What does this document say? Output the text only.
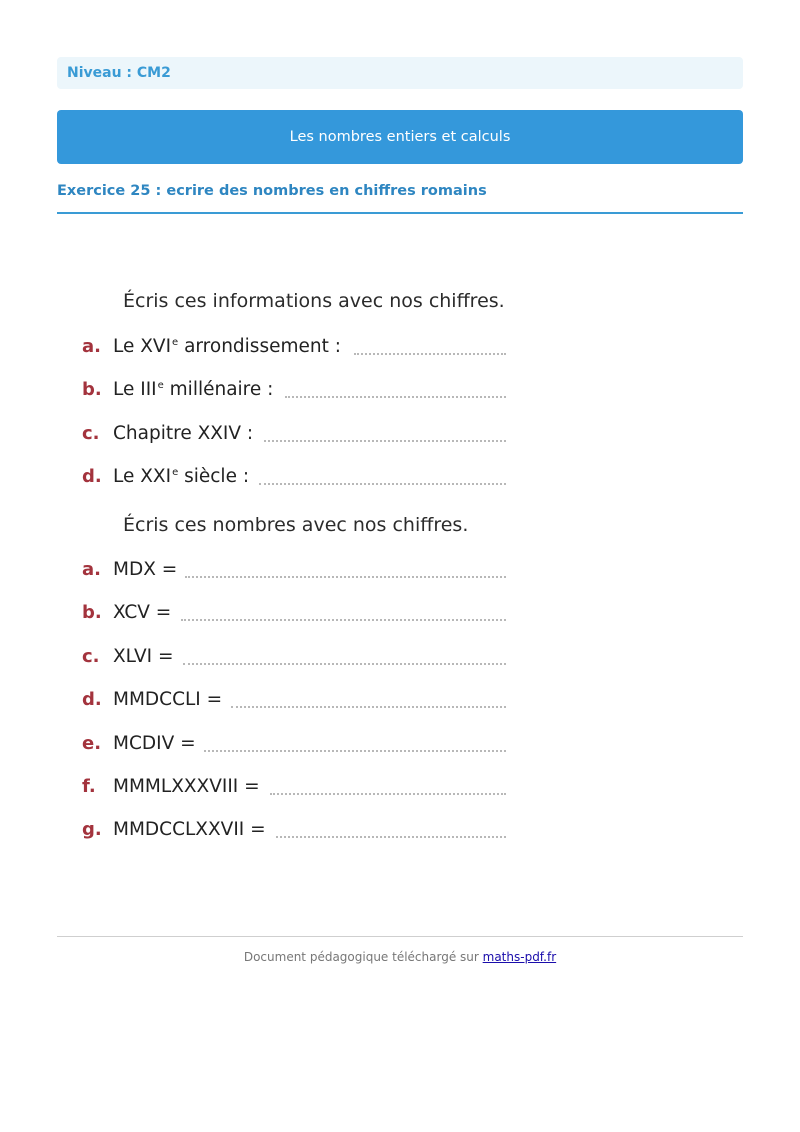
Niveau : CM2
Les nombres entiers et calculs
Exercice 25 : ecrire des nombres en chiffres romains
Écris ces informations avec nos chiffres.
a. Le XVIe arrondissement :
b. Le IIIe millénaire :
c. Chapitre XXIV :
d. Le XXIe siècle :
Écris ces nombres avec nos chiffres.
a. MDX =
b. XCV =
c. XLVI =
d. MMDCCLI =
e. MCDIV =
f. MMMLXXXVIII =
g. MMDCCLXXVII =
Document pédagogique téléchargé sur maths-pdf.fr
